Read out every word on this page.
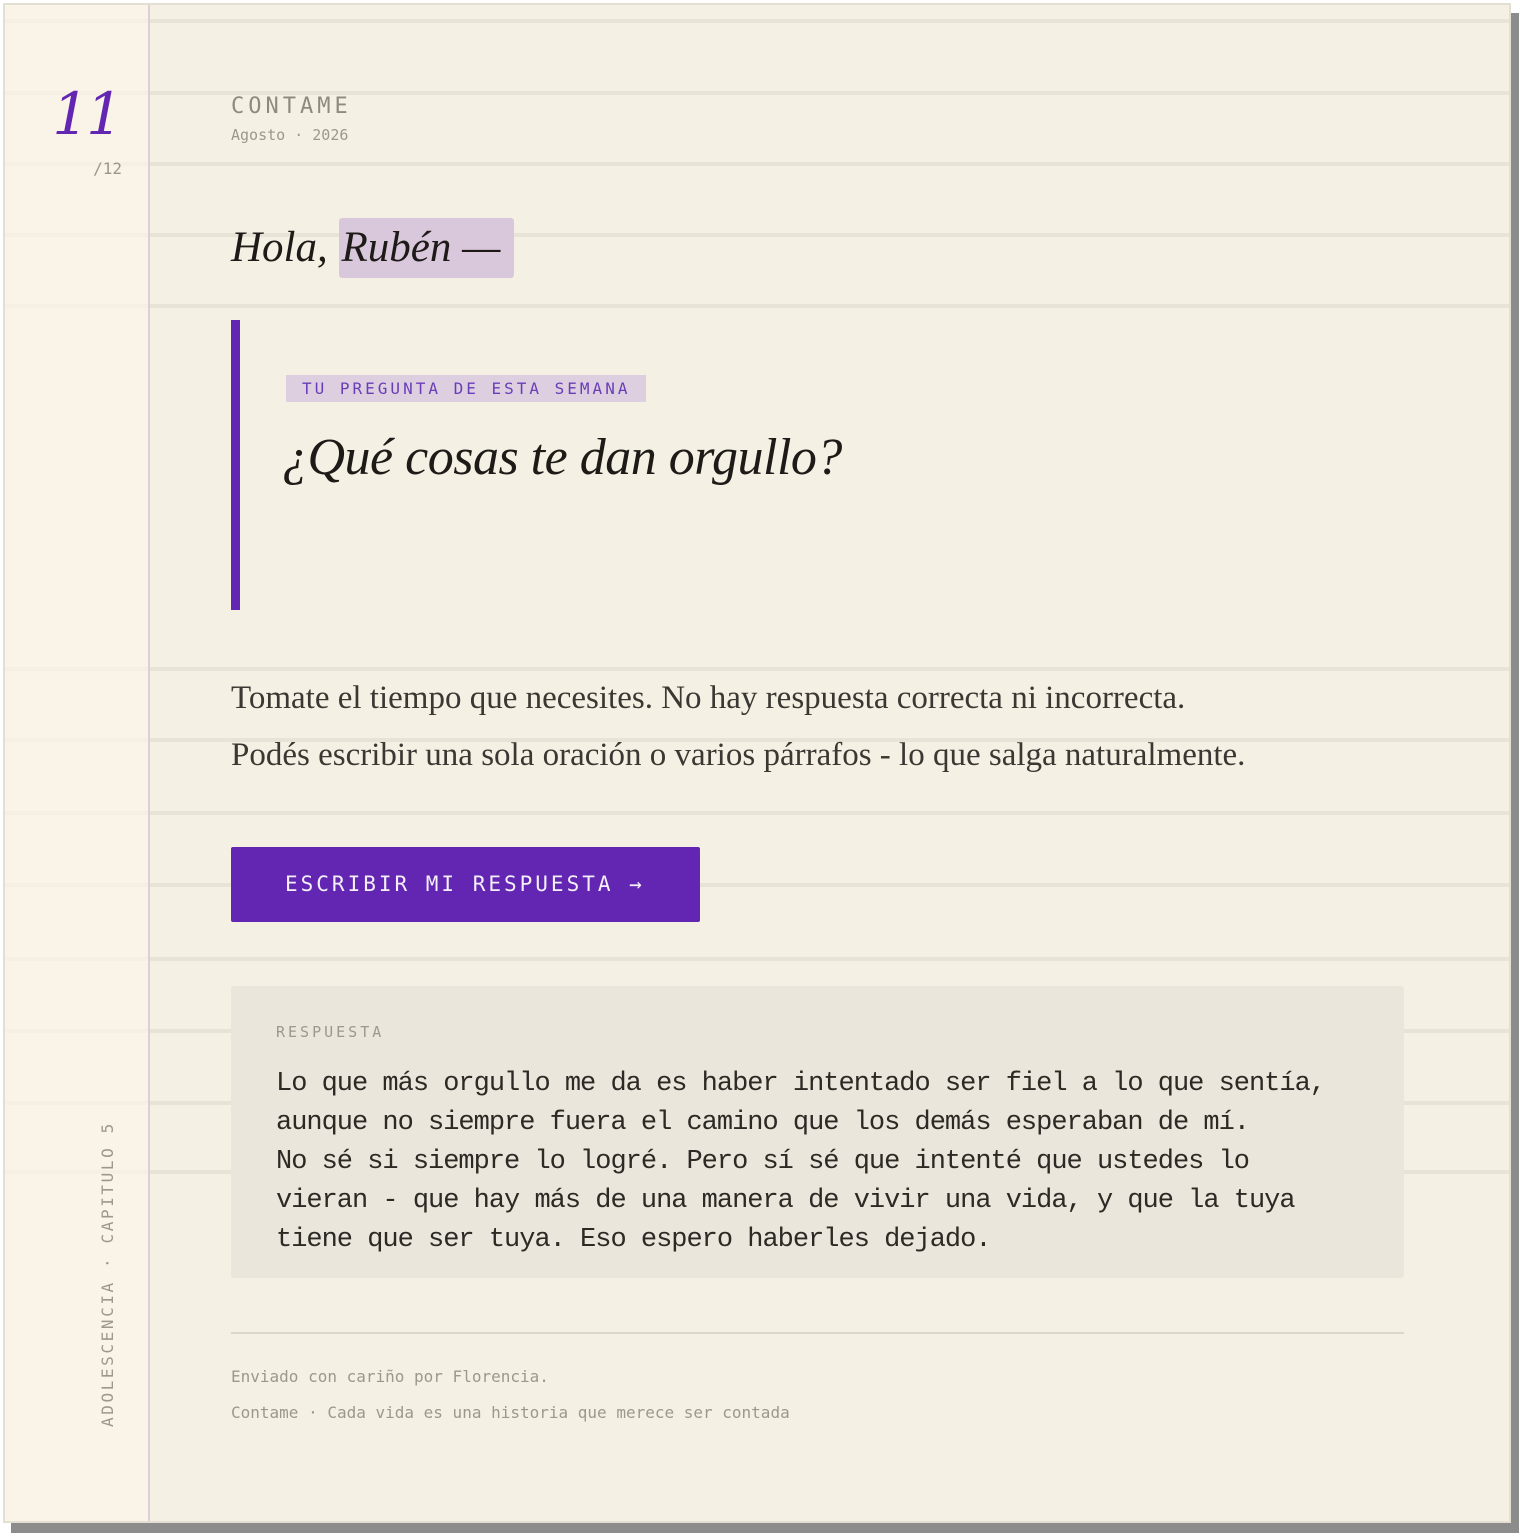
11
/12
ADOLESCENCIA · CAPITULO 5
CONTAME
Agosto · 2026
Hola, Rubén —
TU PREGUNTA DE ESTA SEMANA
¿Qué cosas te dan orgullo?

Tomate el tiempo que necesites. No hay respuesta correcta ni incorrecta.

Podés escribir una sola oración o varios párrafos - lo que salga naturalmente.

ESCRIBIR MI RESPUESTA →
RESPUESTA
Lo que más orgullo me da es haber intentado ser fiel a lo que sentía,
aunque no siempre fuera el camino que los demás esperaban de mí.
No sé si siempre lo logré. Pero sí sé que intenté que ustedes lo
vieran - que hay más de una manera de vivir una vida, y que la tuya
tiene que ser tuya. Eso espero haberles dejado.
Enviado con cariño por Florencia.
Contame · Cada vida es una historia que merece ser contada
